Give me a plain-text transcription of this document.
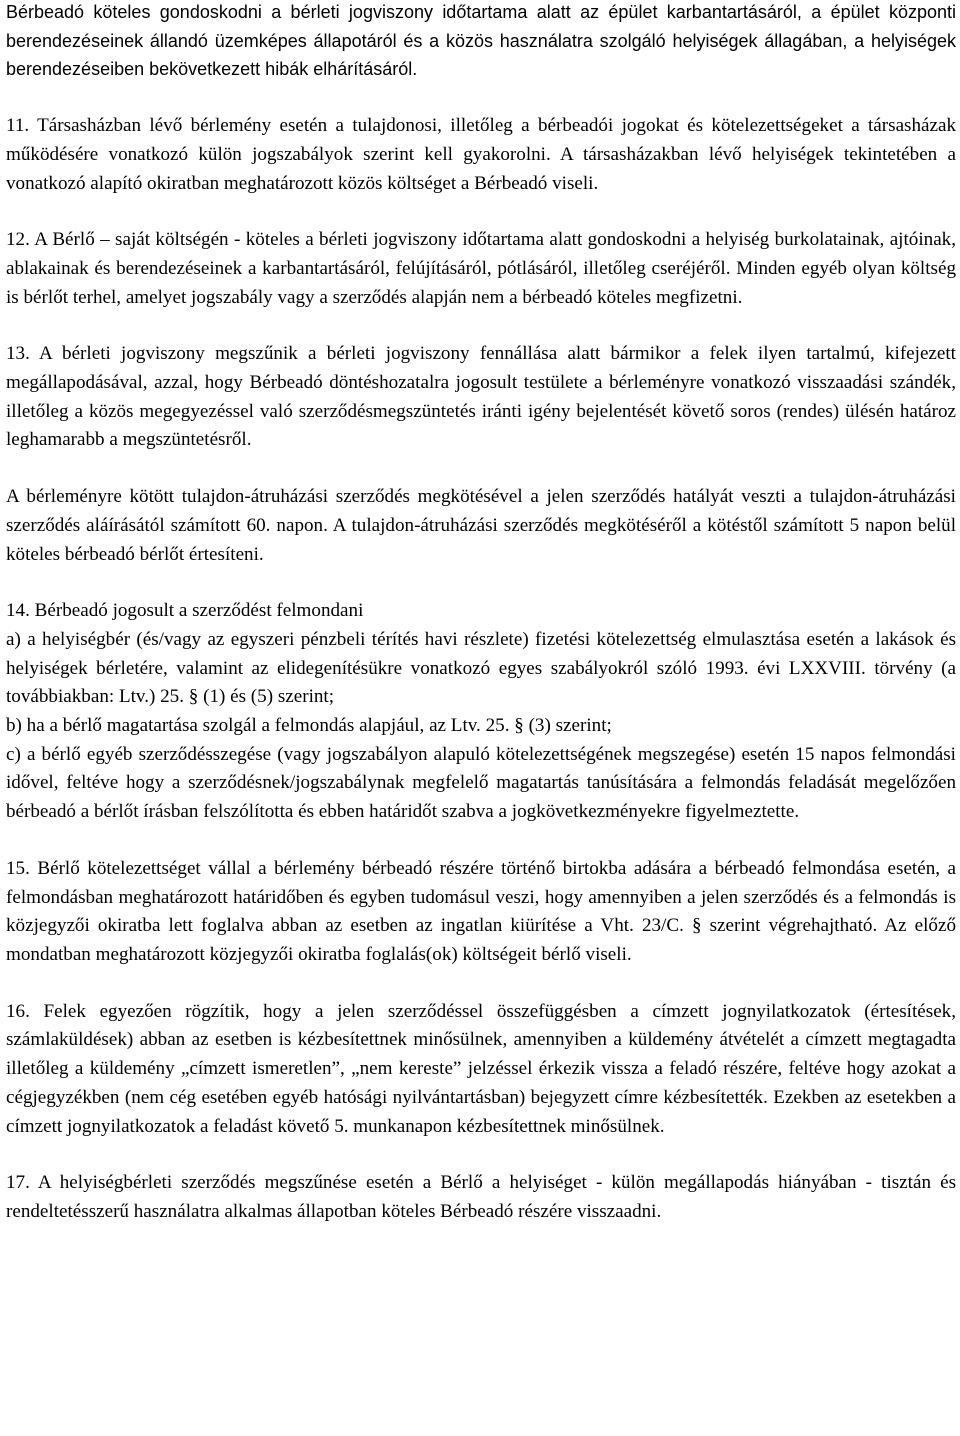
Bérbeadó köteles gondoskodni a bérleti jogviszony időtartama alatt az épület karbantartásáról, a épület központi berendezéseinek állandó üzemképes állapotáról és a közös használatra szolgáló helyiségek állagában, a helyiségek berendezéseiben bekövetkezett hibák elhárításáról.

11. Társasházban lévő bérlemény esetén a tulajdonosi, illetőleg a bérbeadói jogokat és kötelezettségeket a társasházak működésére vonatkozó külön jogszabályok szerint kell gyakorolni. A társasházakban lévő helyiségek tekintetében a vonatkozó alapító okiratban meghatározott közös költséget a Bérbeadó viseli.

12. A Bérlő – saját költségén - köteles a bérleti jogviszony időtartama alatt gondoskodni a helyiség burkolatainak, ajtóinak, ablakainak és berendezéseinek a karbantartásáról, felújításáról, pótlásáról, illetőleg cseréjéről. Minden egyéb olyan költség is bérlőt terhel, amelyet jogszabály vagy a szerződés alapján nem a bérbeadó köteles megfizetni.

13. A bérleti jogviszony megszűnik a bérleti jogviszony fennállása alatt bármikor a felek ilyen tartalmú, kifejezett megállapodásával, azzal, hogy Bérbeadó döntéshozatalra jogosult testülete a bérleményre vonatkozó visszaadási szándék, illetőleg a közös megegyezéssel való szerződésmegszüntetés iránti igény bejelentését követő soros (rendes) ülésén határoz leghamarabb a megszüntetésről.

A bérleményre kötött tulajdon-átruházási szerződés megkötésével a jelen szerződés hatályát veszti a tulajdon-átruházási szerződés aláírásától számított 60. napon. A tulajdon-átruházási szerződés megkötéséről a kötéstől számított 5 napon belül köteles bérbeadó bérlőt értesíteni.

14. Bérbeadó jogosult a szerződést felmondani

a) a helyiségbér (és/vagy az egyszeri pénzbeli térítés havi részlete) fizetési kötelezettség elmulasztása esetén a lakások és helyiségek bérletére, valamint az elidegenítésükre vonatkozó egyes szabályokról szóló 1993. évi LXXVIII. törvény (a továbbiakban: Ltv.) 25. § (1) és (5) szerint;

b) ha a bérlő magatartása szolgál a felmondás alapjául, az Ltv. 25. § (3) szerint;

c) a bérlő egyéb szerződésszegése (vagy jogszabályon alapuló kötelezettségének megszegése) esetén 15 napos felmondási idővel, feltéve hogy a szerződésnek/jogszabálynak megfelelő magatartás tanúsítására a felmondás feladását megelőzően bérbeadó a bérlőt írásban felszólította és ebben határidőt szabva a jogkövetkezményekre figyelmeztette.

15. Bérlő kötelezettséget vállal a bérlemény bérbeadó részére történő birtokba adására a bérbeadó felmondása esetén, a felmondásban meghatározott határidőben és egyben tudomásul veszi, hogy amennyiben a jelen szerződés és a felmondás is közjegyzői okiratba lett foglalva abban az esetben az ingatlan kiürítése a Vht. 23/C. § szerint végrehajtható. Az előző mondatban meghatározott közjegyzői okiratba foglalás(ok) költségeit bérlő viseli.

16. Felek egyezően rögzítik, hogy a jelen szerződéssel összefüggésben a címzett jognyilatkozatok (értesítések, számlaküldések) abban az esetben is kézbesítettnek minősülnek, amennyiben a küldemény átvételét a címzett megtagadta illetőleg a küldemény „címzett ismeretlen”, „nem kereste” jelzéssel érkezik vissza a feladó részére, feltéve hogy azokat a cégjegyzékben (nem cég esetében egyéb hatósági nyilvántartásban) bejegyzett címre kézbesítették. Ezekben az esetekben a címzett jognyilatkozatok a feladást követő 5. munkanapon kézbesítettnek minősülnek.

17. A helyiségbérleti szerződés megszűnése esetén a Bérlő a helyiséget - külön megállapodás hiányában - tisztán és rendeltetésszerű használatra alkalmas állapotban köteles Bérbeadó részére visszaadni.
